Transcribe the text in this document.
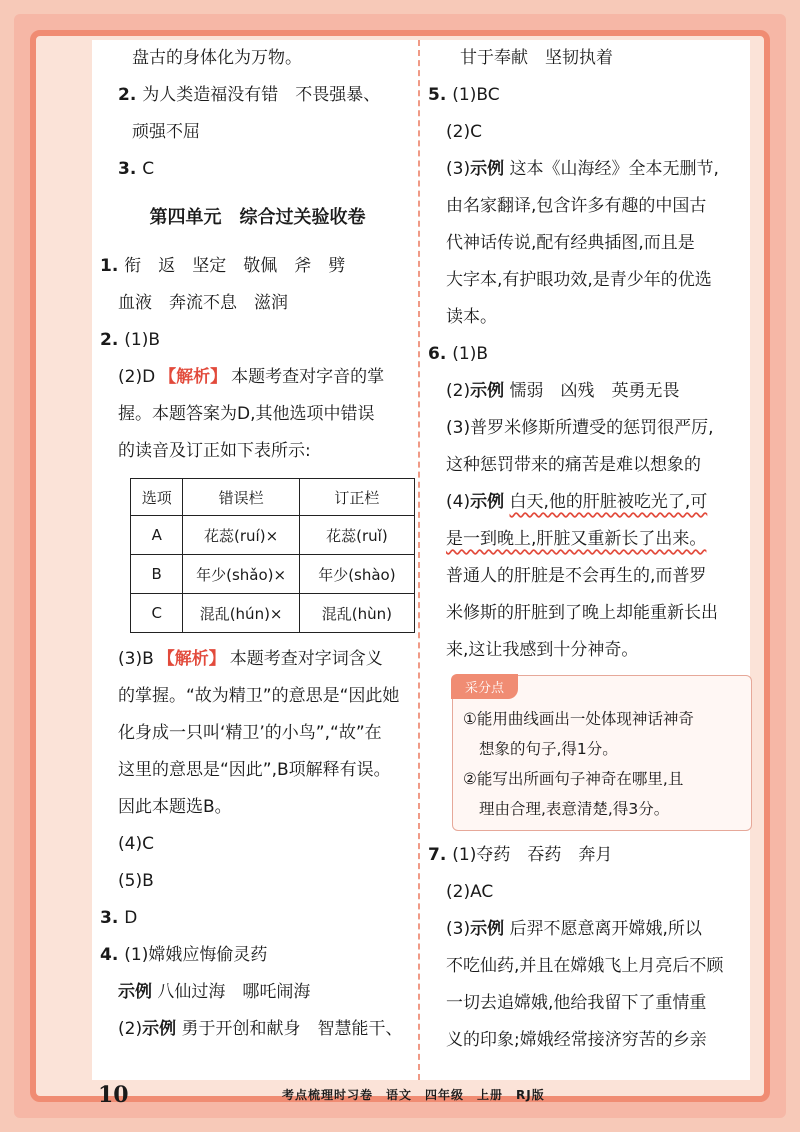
盘古的身体化为万物。
2. 为人类造福没有错　不畏强暴、
顽强不屈
3. C
第四单元　综合过关验收卷
1. 衔　返　坚定　敬佩　斧　劈
血液　奔流不息　滋润
2. (1)B
(2)D 【解析】 本题考查对字音的掌
握。本题答案为D,其他选项中错误
的读音及订正如下表所示:
选项	错误栏	订正栏
A	花蕊(ruí)×	花蕊(ruǐ)
B	年少(shǎo)×	年少(shào)
C	混乱(hún)×	混乱(hùn)
(3)B 【解析】 本题考查对字词含义
的掌握。“故为精卫”的意思是“因此她
化身成一只叫‘精卫’的小鸟”,“故”在
这里的意思是“因此”,B项解释有误。
因此本题选B。
(4)C
(5)B
3. D
4. (1)嫦娥应悔偷灵药
示例 八仙过海　哪吒闹海
(2)示例 勇于开创和献身　智慧能干、
甘于奉献　坚韧执着
5. (1)BC
(2)C
(3)示例 这本《山海经》全本无删节,
由名家翻译,包含许多有趣的中国古
代神话传说,配有经典插图,而且是
大字本,有护眼功效,是青少年的优选
读本。
6. (1)B
(2)示例 懦弱　凶残　英勇无畏
(3)普罗米修斯所遭受的惩罚很严厉,
这种惩罚带来的痛苦是难以想象的
(4)示例 白天,他的肝脏被吃光了,可
是一到晚上,肝脏又重新长了出来。
普通人的肝脏是不会再生的,而普罗
米修斯的肝脏到了晚上却能重新长出
来,这让我感到十分神奇。
采分点
①能用曲线画出一处体现神话神奇
想象的句子,得1分。
②能写出所画句子神奇在哪里,且
理由合理,表意清楚,得3分。
7. (1)夺药　吞药　奔月
(2)AC
(3)示例 后羿不愿意离开嫦娥,所以
不吃仙药,并且在嫦娥飞上月亮后不顾
一切去追嫦娥,他给我留下了重情重
义的印象;嫦娥经常接济穷苦的乡亲
10	考点梳理时习卷　语文　四年级　上册　RJ版
